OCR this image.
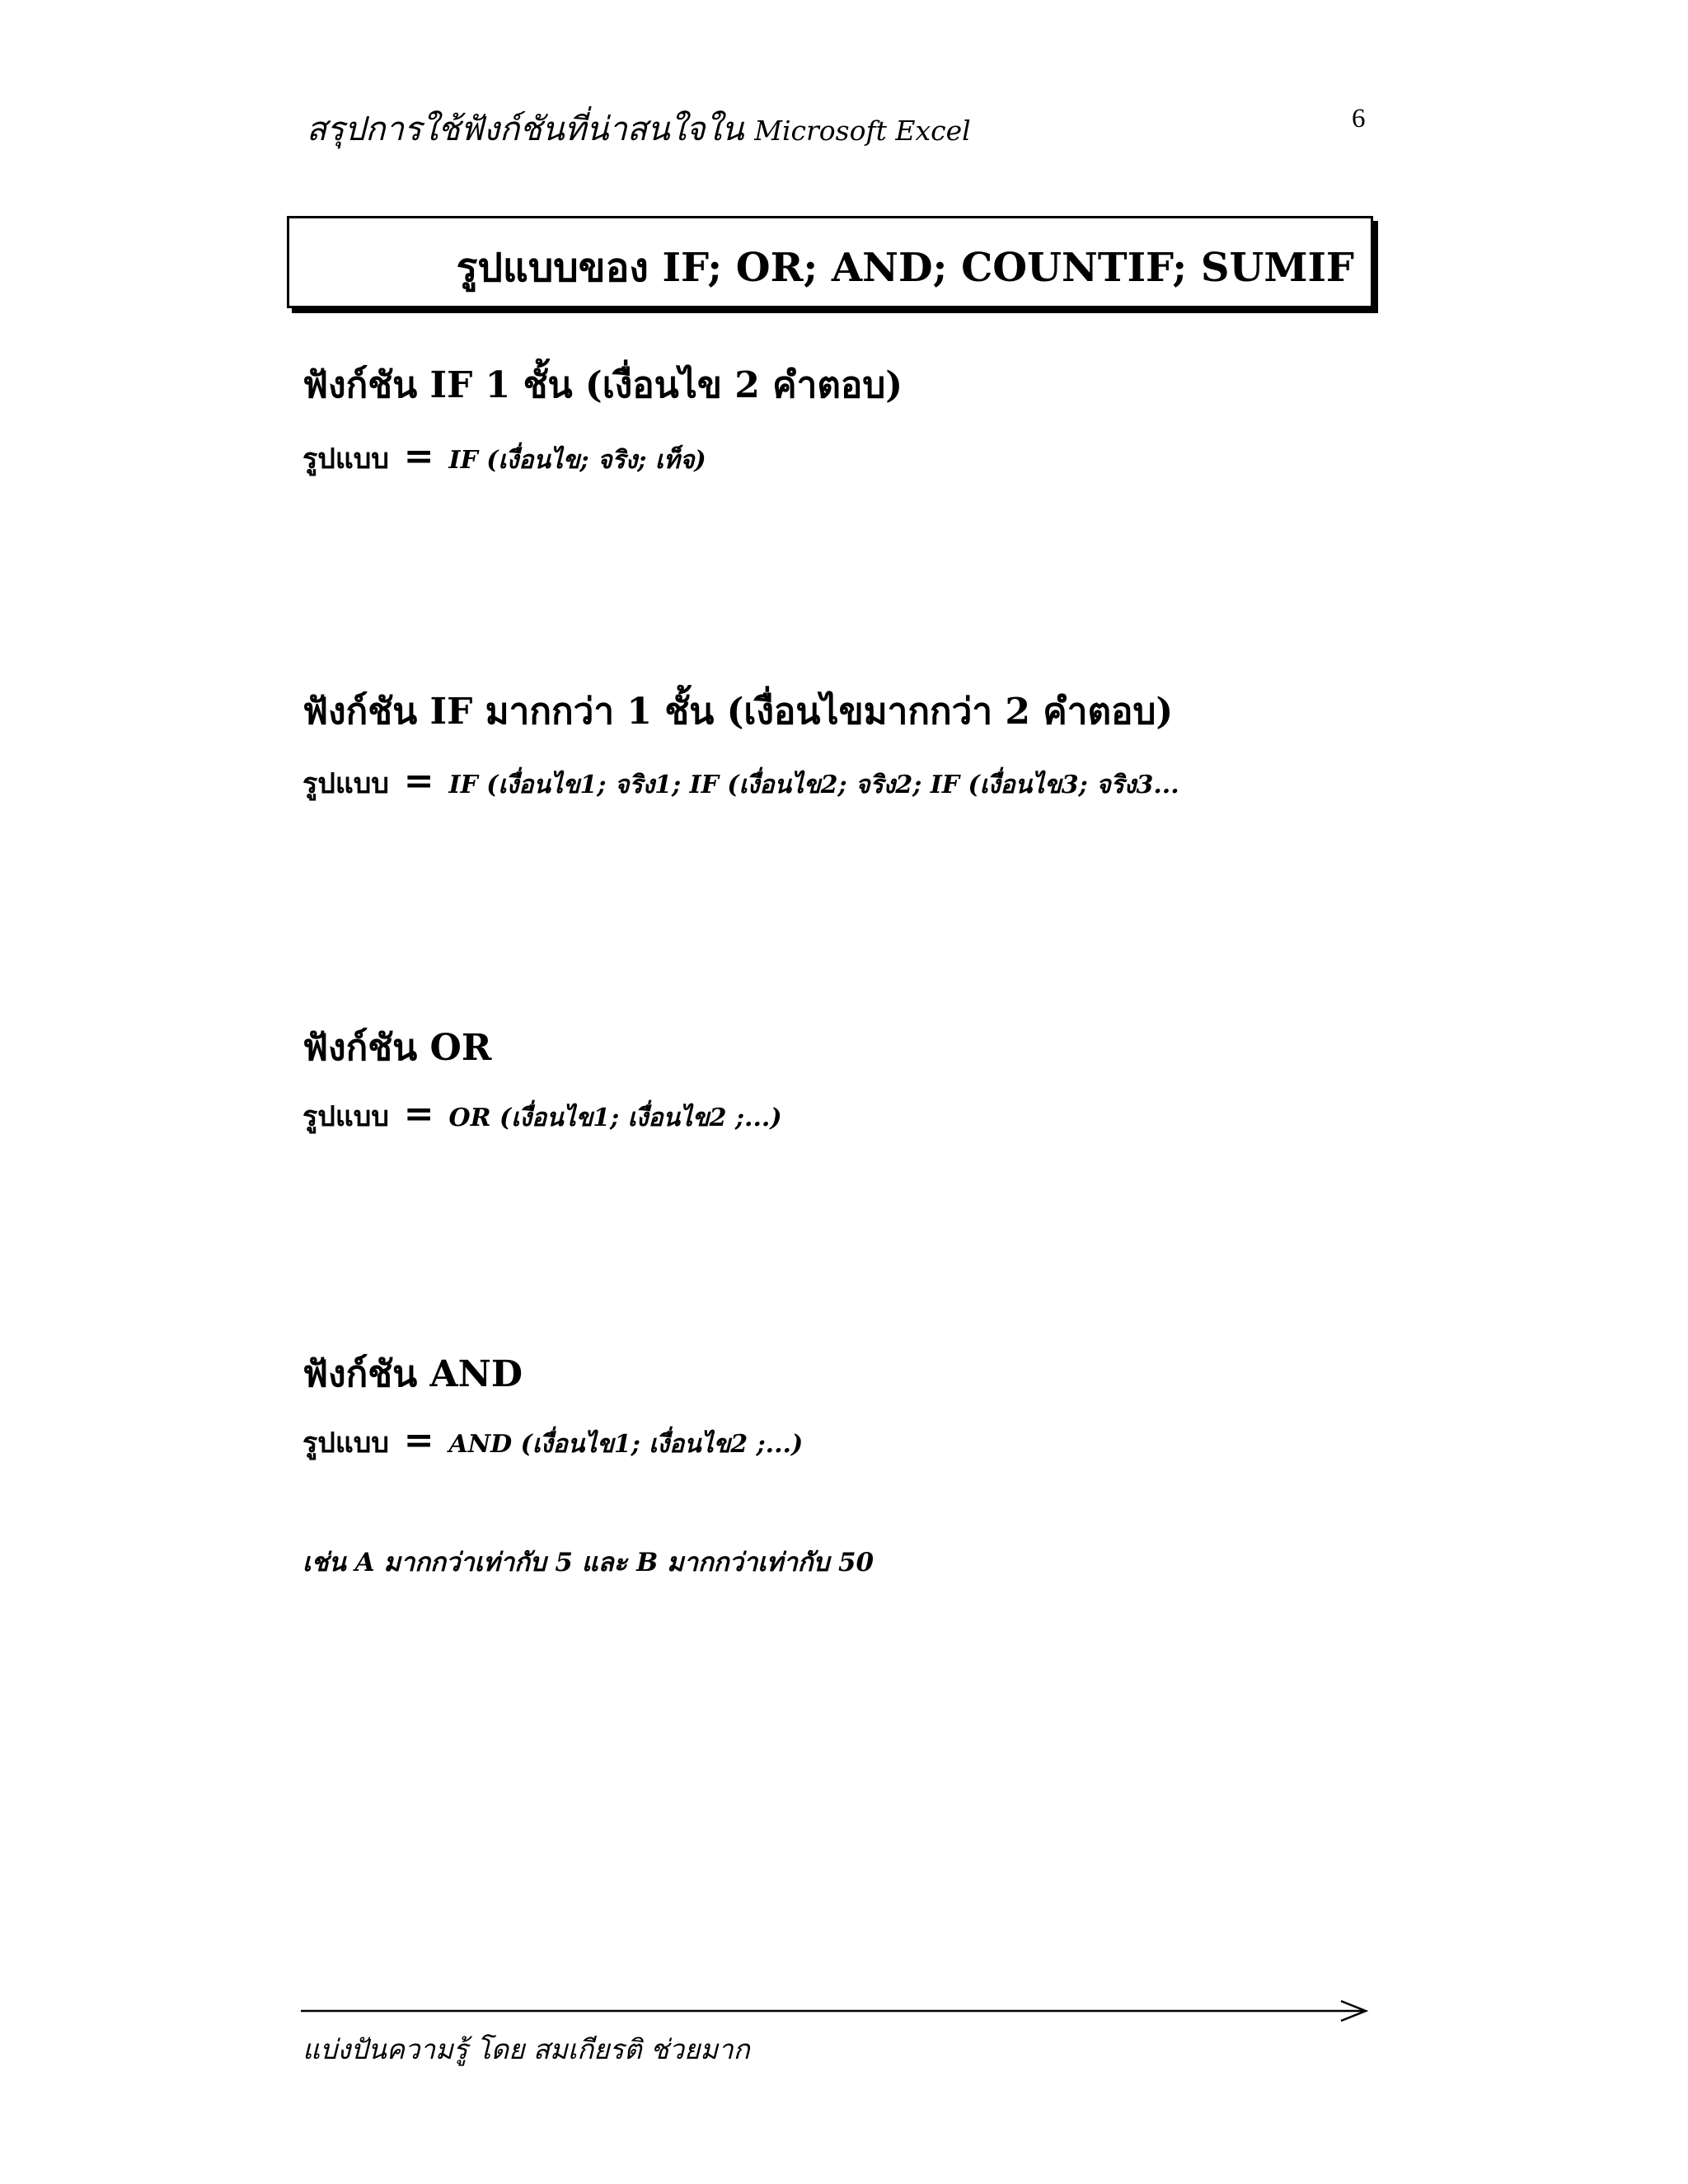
สรุปการใช้ฟังก์ชันที่น่าสนใจใน Microsoft Excel	6
รูปแบบของ IF; OR; AND; COUNTIF; SUMIF
ฟังก์ชัน IF 1 ชั้น (เงื่อนไข 2 คำตอบ)
รูปแบบ = IF (เงื่อนไข; จริง; เท็จ)
ฟังก์ชัน IF มากกว่า 1 ชั้น (เงื่อนไขมากกว่า 2 คำตอบ)
รูปแบบ = IF (เงื่อนไข1; จริง1; IF (เงื่อนไข2; จริง2; IF (เงื่อนไข3; จริง3...
ฟังก์ชัน OR
รูปแบบ = OR (เงื่อนไข1; เงื่อนไข2 ;...)
ฟังก์ชัน AND
รูปแบบ = AND (เงื่อนไข1; เงื่อนไข2 ;...)
เช่น A มากกว่าเท่ากับ 5 และ B มากกว่าเท่ากับ 50
แบ่งปันความรู้ โดย สมเกียรติ ช่วยมาก
